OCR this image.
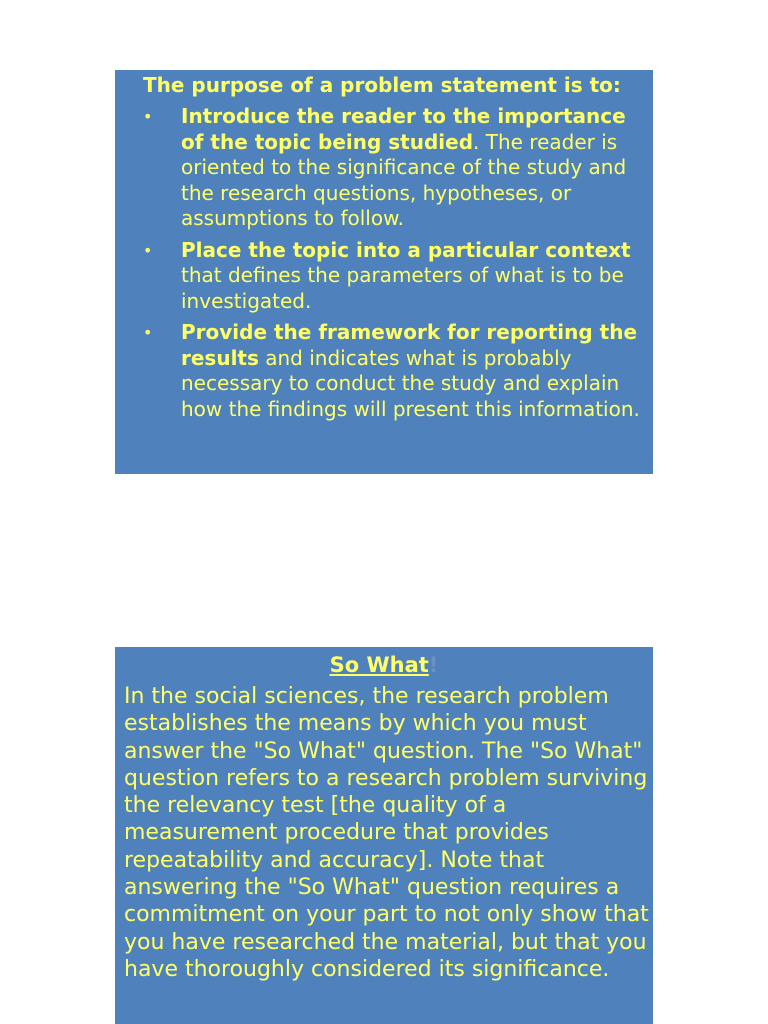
The purpose of a problem statement is to:
• Introduce the reader to the importance of the topic being studied. The reader is oriented to the significance of the study and the research questions, hypotheses, or assumptions to follow.
• Place the topic into a particular context that defines the parameters of what is to be investigated.
• Provide the framework for reporting the results and indicates what is probably necessary to conduct the study and explain how the findings will present this information.
So What!

In the social sciences, the research problem establishes the means by which you must answer the "So What" question. The "So What" question refers to a research problem surviving the relevancy test [the quality of a measurement procedure that provides repeatability and accuracy]. Note that answering the "So What" question requires a commitment on your part to not only show that you have researched the material, but that you have thoroughly considered its significance.
